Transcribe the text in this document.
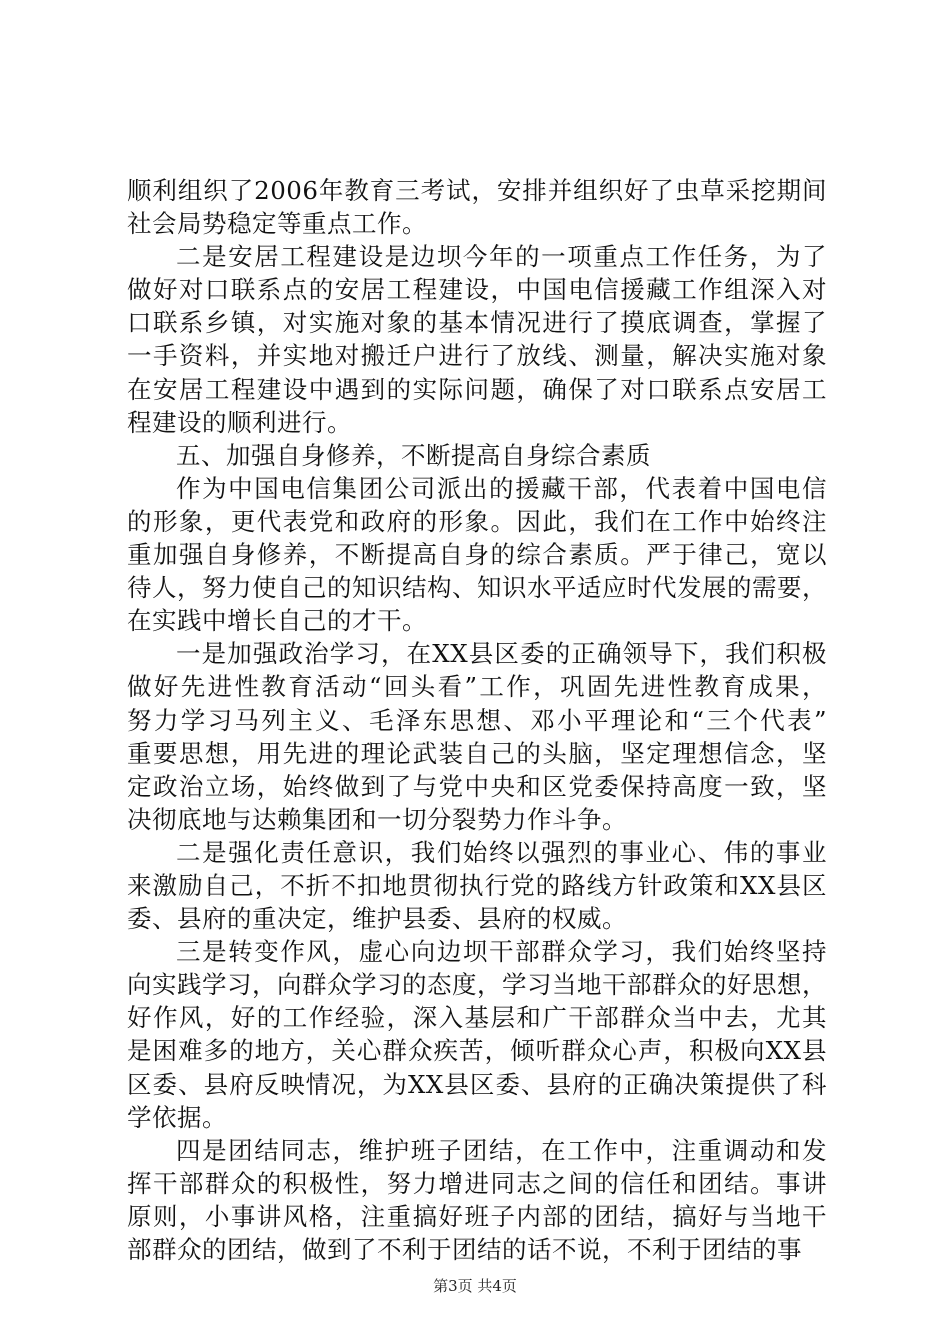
顺利组织了2006年教育三考试，安排并组织好了虫草采挖期间
社会局势稳定等重点工作。
二是安居工程建设是边坝今年的一项重点工作任务，为了
做好对口联系点的安居工程建设，中国电信援藏工作组深入对
口联系乡镇，对实施对象的基本情况进行了摸底调查，掌握了
一手资料，并实地对搬迁户进行了放线、测量，解决实施对象
在安居工程建设中遇到的实际问题，确保了对口联系点安居工
程建设的顺利进行。
五、加强自身修养，不断提高自身综合素质
作为中国电信集团公司派出的援藏干部，代表着中国电信
的形象，更代表党和政府的形象。因此，我们在工作中始终注
重加强自身修养，不断提高自身的综合素质。严于律己，宽以
待人，努力使自己的知识结构、知识水平适应时代发展的需要，
在实践中增长自己的才干。
一是加强政治学习，在XX县区委的正确领导下，我们积极
做好先进性教育活动“回头看”工作，巩固先进性教育成果，
努力学习马列主义、毛泽东思想、邓小平理论和“三个代表”
重要思想，用先进的理论武装自己的头脑，坚定理想信念，坚
定政治立场，始终做到了与党中央和区党委保持高度一致，坚
决彻底地与达赖集团和一切分裂势力作斗争。
二是强化责任意识，我们始终以强烈的事业心、伟的事业
来激励自己，不折不扣地贯彻执行党的路线方针政策和XX县区
委、县府的重决定，维护县委、县府的权威。
三是转变作风，虚心向边坝干部群众学习，我们始终坚持
向实践学习，向群众学习的态度，学习当地干部群众的好思想，
好作风，好的工作经验，深入基层和广干部群众当中去，尤其
是困难多的地方，关心群众疾苦，倾听群众心声，积极向XX县
区委、县府反映情况，为XX县区委、县府的正确决策提供了科
学依据。
四是团结同志，维护班子团结，在工作中，注重调动和发
挥干部群众的积极性，努力增进同志之间的信任和团结。事讲
原则，小事讲风格，注重搞好班子内部的团结，搞好与当地干
部群众的团结，做到了不利于团结的话不说，不利于团结的事
第3页 共4页
